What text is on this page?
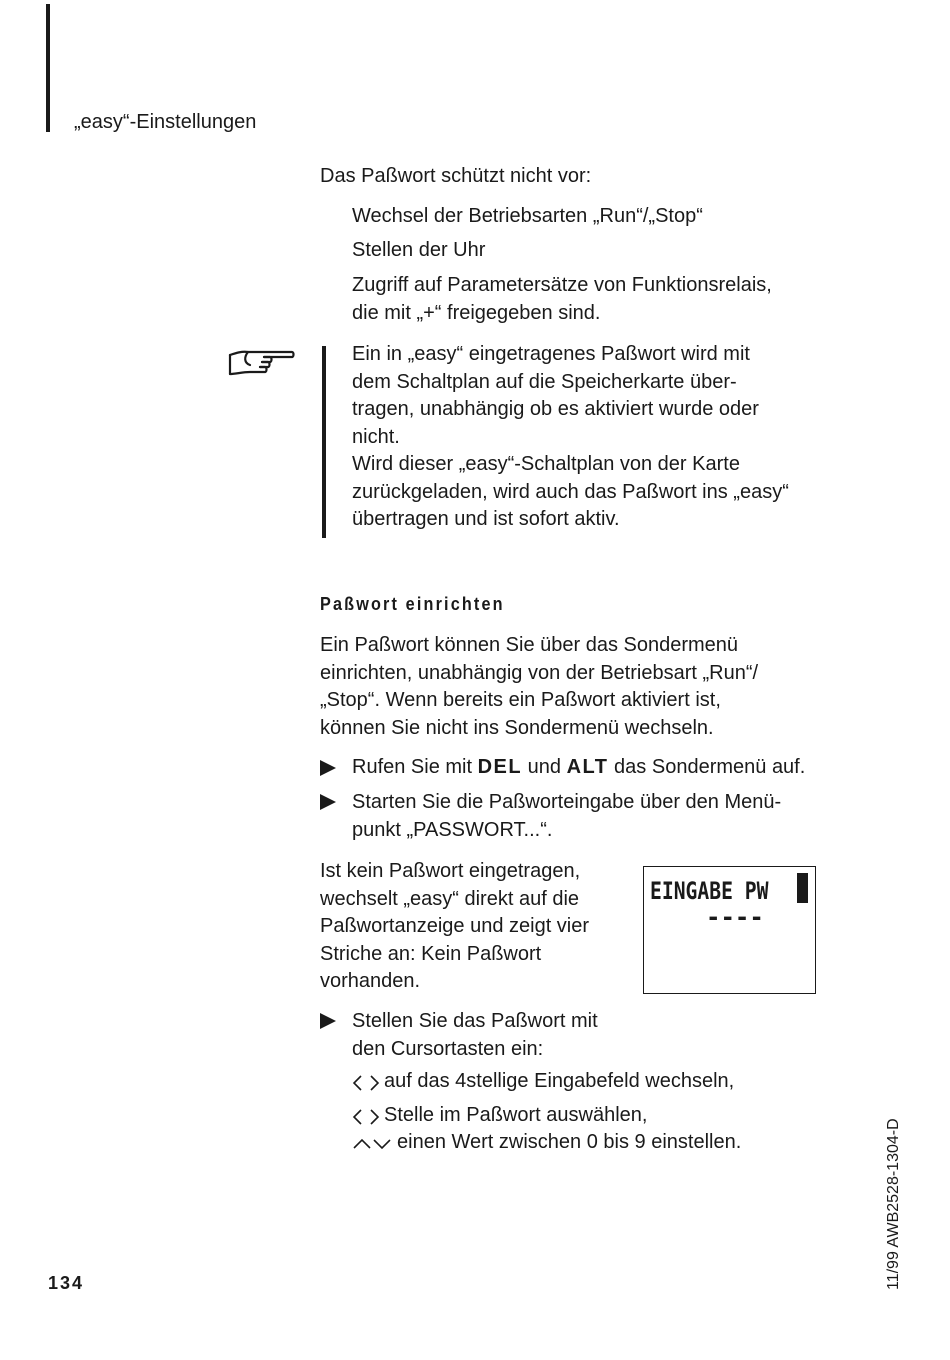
„easy“-Einstellungen
Das Paßwort schützt nicht vor:
Wechsel der Betriebsarten „Run“/„Stop“
Stellen der Uhr
Zugriff auf Parametersätze von Funktionsrelais,
die mit „+“ freigegeben sind.
Ein in „easy“ eingetragenes Paßwort wird mit
dem Schaltplan auf die Speicherkarte über-
tragen, unabhängig ob es aktiviert wurde oder
nicht.
Wird dieser „easy“-Schaltplan von der Karte
zurückgeladen, wird auch das Paßwort ins „easy“
übertragen und ist sofort aktiv.
Paßwort einrichten
Ein Paßwort können Sie über das Sondermenü
einrichten, unabhängig von der Betriebsart „Run“/
„Stop“. Wenn bereits ein Paßwort aktiviert ist,
können Sie nicht ins Sondermenü wechseln.
Rufen Sie mit DEL und ALT das Sondermenü auf.
Starten Sie die Paßworteingabe über den Menü-
punkt „PASSWORT...“.
Ist kein Paßwort eingetragen,
wechselt „easy“ direkt auf die
Paßwortanzeige und zeigt vier
Striche an: Kein Paßwort
vorhanden.
EINGABE PW
----
Stellen Sie das Paßwort mit
den Cursortasten ein:
auf das 4stellige Eingabefeld wechseln,
Stelle im Paßwort auswählen,
einen Wert zwischen 0 bis 9 einstellen.
134	11/99 AWB2528-1304-D
